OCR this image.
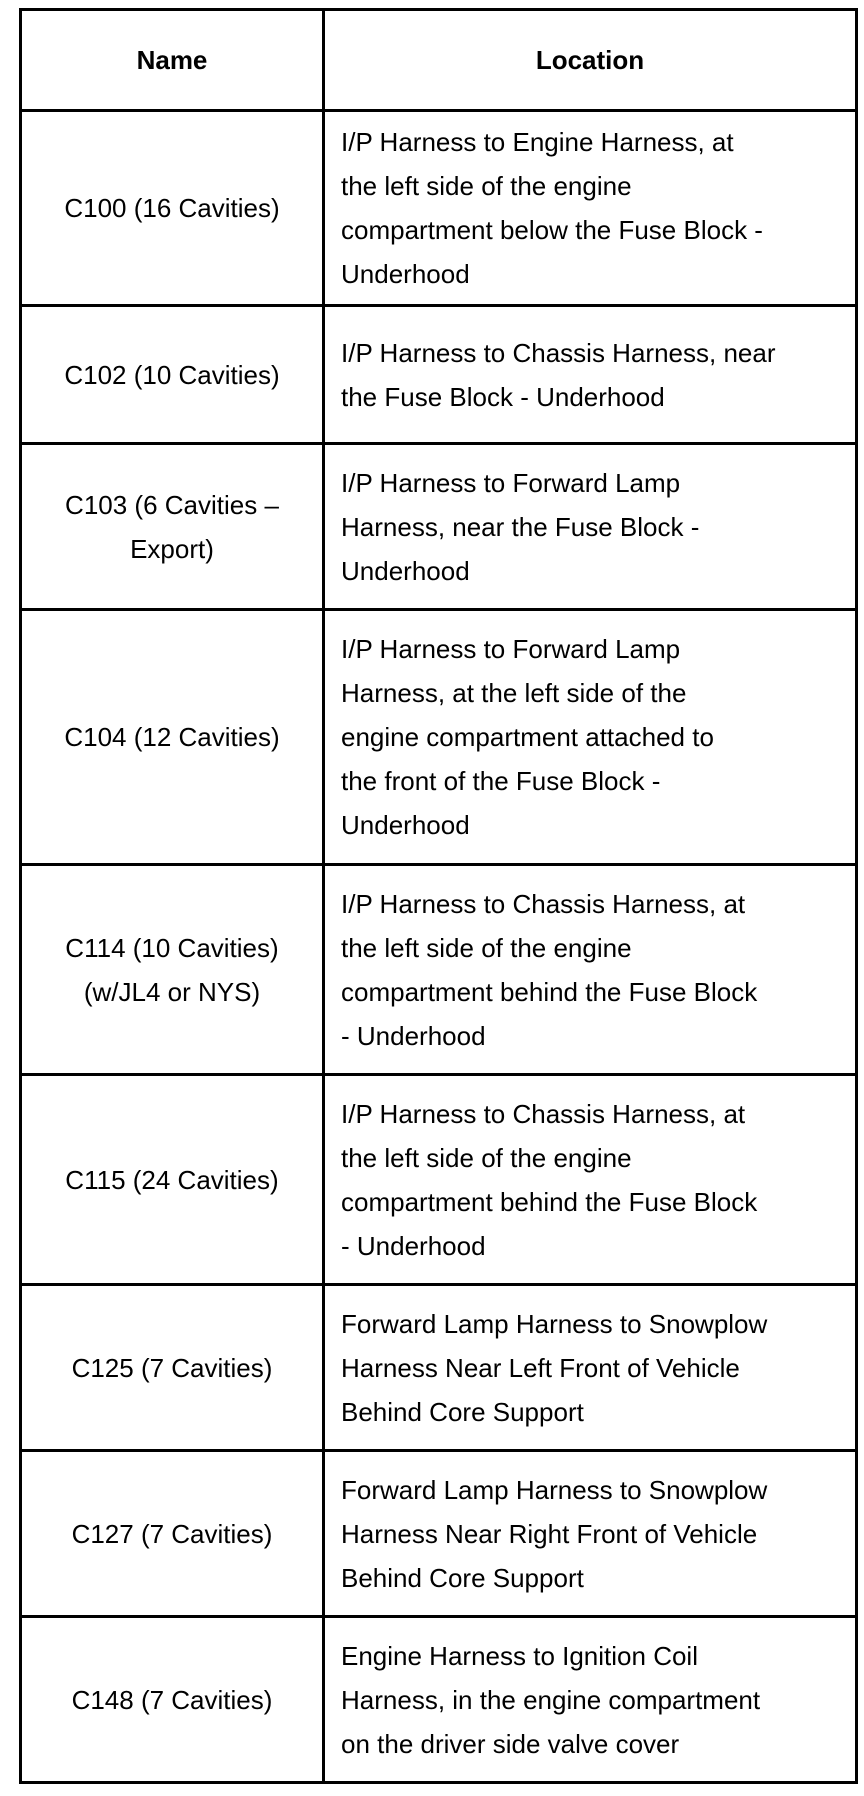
Name	Location

C100 (16 Cavities)	I/P Harness to Engine Harness, at
the left side of the engine
compartment below the Fuse Block -
Underhood

C102 (10 Cavities)	I/P Harness to Chassis Harness, near
the Fuse Block - Underhood

C103 (6 Cavities –
Export)	I/P Harness to Forward Lamp
Harness, near the Fuse Block -
Underhood

C104 (12 Cavities)	I/P Harness to Forward Lamp
Harness, at the left side of the
engine compartment attached to
the front of the Fuse Block -
Underhood

C114 (10 Cavities)
(w/JL4 or NYS)	I/P Harness to Chassis Harness, at
the left side of the engine
compartment behind the Fuse Block
- Underhood

C115 (24 Cavities)	I/P Harness to Chassis Harness, at
the left side of the engine
compartment behind the Fuse Block
- Underhood

C125 (7 Cavities)	Forward Lamp Harness to Snowplow
Harness Near Left Front of Vehicle
Behind Core Support

C127 (7 Cavities)	Forward Lamp Harness to Snowplow
Harness Near Right Front of Vehicle
Behind Core Support

C148 (7 Cavities)	Engine Harness to Ignition Coil
Harness, in the engine compartment
on the driver side valve cover
